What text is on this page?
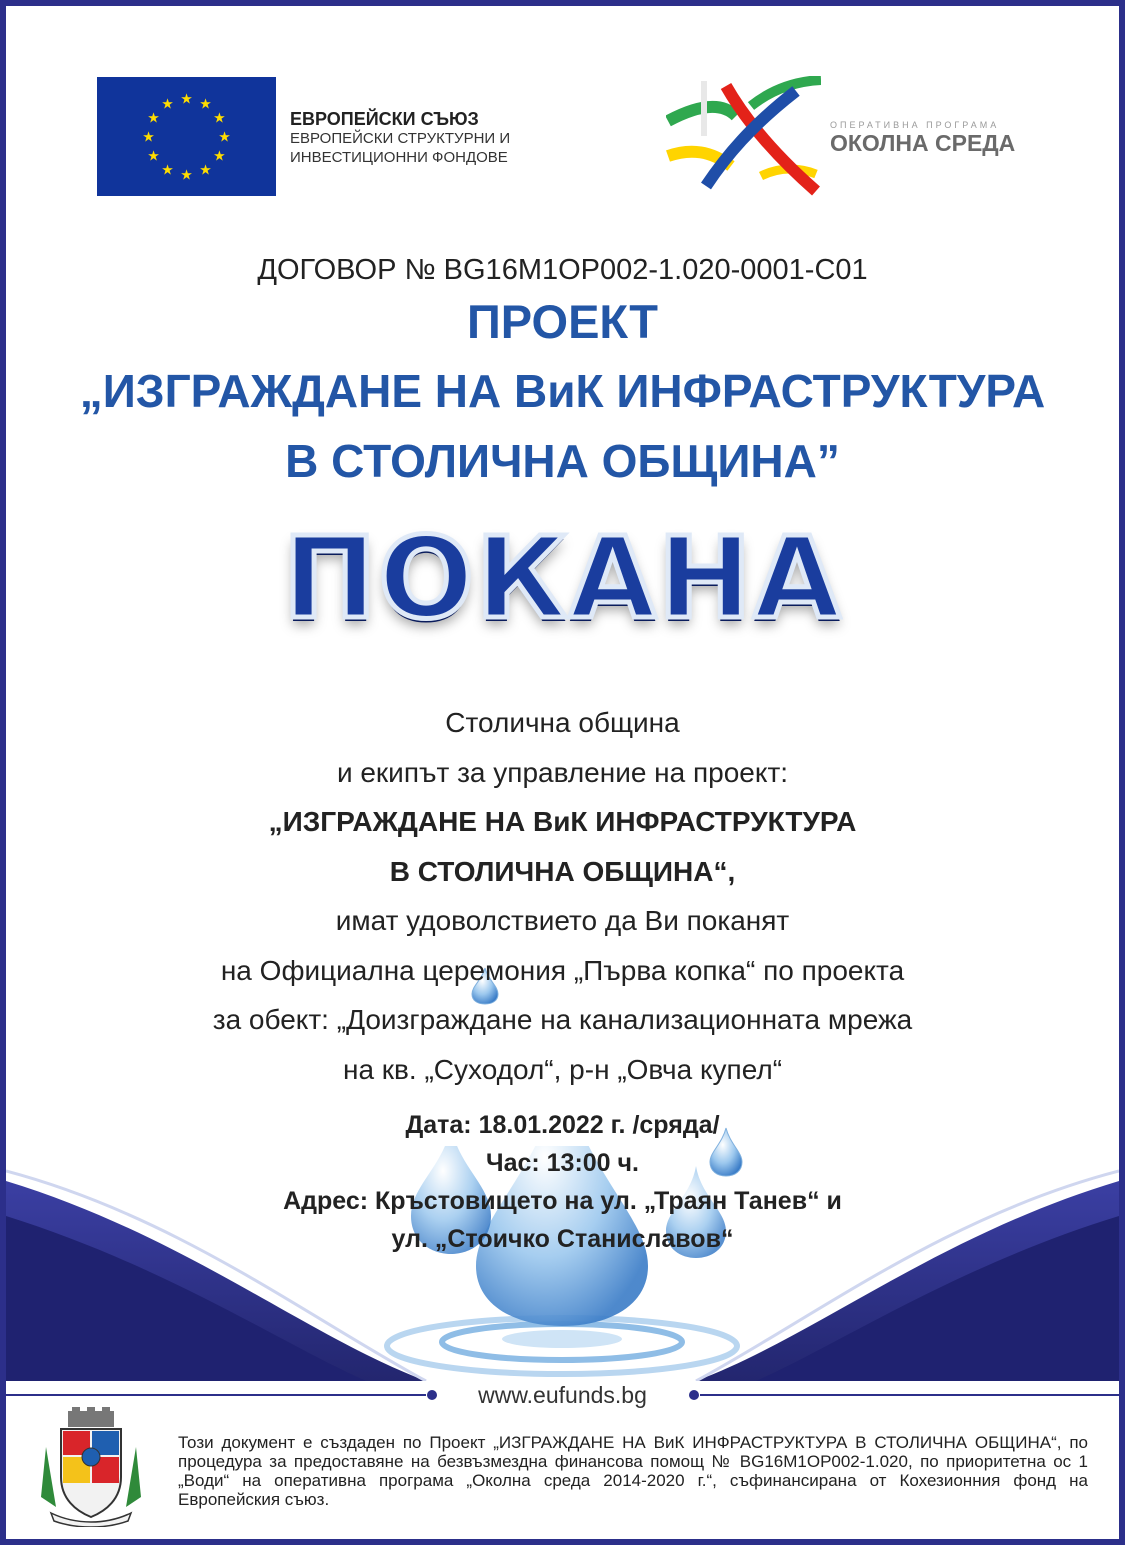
★ ★
★
★
★
★
★
★
★
★
★
★
ЕВРОПЕЙСКИ СЪЮЗ
ЕВРОПЕЙСКИ СТРУКТУРНИ И
ИНВЕСТИЦИОННИ ФОНДОВЕ
ОПЕРАТИВНА ПРОГРАМА
ОКОЛНА СРЕДА
ДОГОВОР № BG16M1OP002-1.020-0001-C01
ПРОЕКТ
„ИЗГРАЖДАНЕ НА ВиК ИНФРАСТРУКТУРА
В СТОЛИЧНА ОБЩИНА”
ПОКАНА
Столична община
и екипът за управление на проект:
„ИЗГРАЖДАНЕ НА ВиК ИНФРАСТРУКТУРА
В СТОЛИЧНА ОБЩИНА“,
имат удоволствието да Ви поканят
на Официална церемония „Първа копка“ по проекта
за обект: „Доизграждане на канализационната мрежа
на кв. „Суходол“, р-н „Овча купел“
Дата: 18.01.2022 г. /сряда/
Час: 13:00 ч.
Адрес: Кръстовището на ул. „Траян Танев“ и
ул. „Стоичко Станиславов“
www.eufunds.bg
Този документ е създаден по Проект „ИЗГРАЖДАНЕ НА ВиК ИНФРАСТРУКТУРА В СТОЛИЧНА ОБЩИНА“, по процедура за предоставяне на безвъзмездна финансова помощ № BG16M1OP002-1.020, по приоритетна ос 1 „Води“ на оперативна програма „Околна среда 2014-2020 г.“, съфинансирана от Кохезионния фонд на Европейския съюз.
